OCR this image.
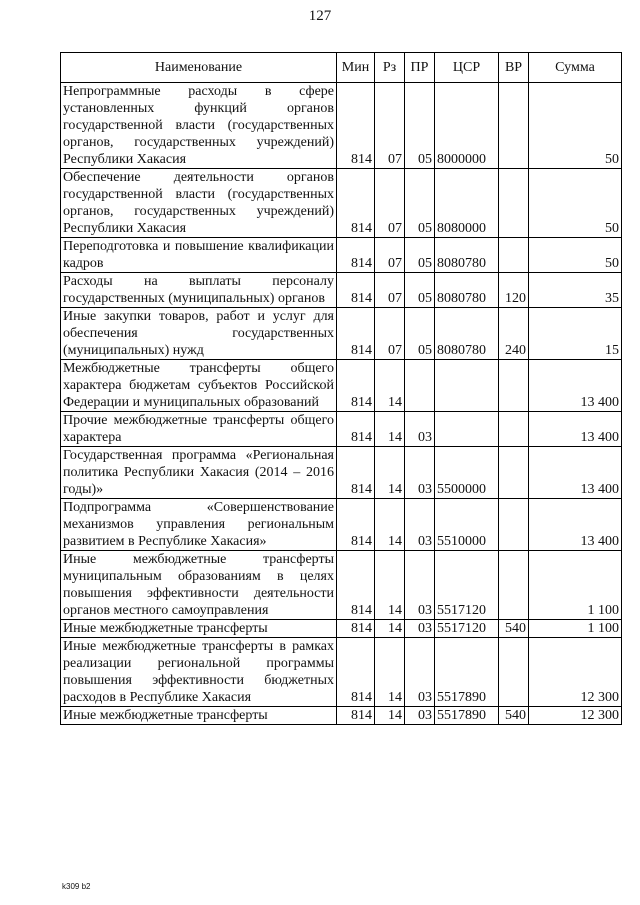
127
Наименование	Мин	Рз	ПР	ЦСР	ВР	Сумма
Непрограммные расходы в сфере установленных функций органов государственной власти (государственных органов, государственных учреждений) Республики Хакасия	814	07	05	8000000		50
Обеспечение деятельности органов государственной власти (государственных органов, государственных учреждений) Республики Хакасия	814	07	05	8080000		50
Переподготовка и повышение квалификации кадров	814	07	05	8080780		50
Расходы на выплаты персоналу государственных (муниципальных) органов	814	07	05	8080780	120	35
Иные закупки товаров, работ и услуг для обеспечения государственных (муниципальных) нужд	814	07	05	8080780	240	15
Межбюджетные трансферты общего характера бюджетам субъектов Российской Федерации и муниципальных образований	814	14				13 400
Прочие межбюджетные трансферты общего характера	814	14	03			13 400
Государственная программа «Региональная политика Республики Хакасия (2014 – 2016 годы)»	814	14	03	5500000		13 400
Подпрограмма «Совершенствование механизмов управления региональным развитием в Республике Хакасия»	814	14	03	5510000		13 400
Иные межбюджетные трансферты муниципальным образованиям в целях повышения эффективности деятельности органов местного самоуправления	814	14	03	5517120		1 100
Иные межбюджетные трансферты	814	14	03	5517120	540	1 100
Иные межбюджетные трансферты в рамках реализации региональной программы повышения эффективности бюджетных расходов в Республике Хакасия	814	14	03	5517890		12 300
Иные межбюджетные трансферты	814	14	03	5517890	540	12 300
k309 b2
